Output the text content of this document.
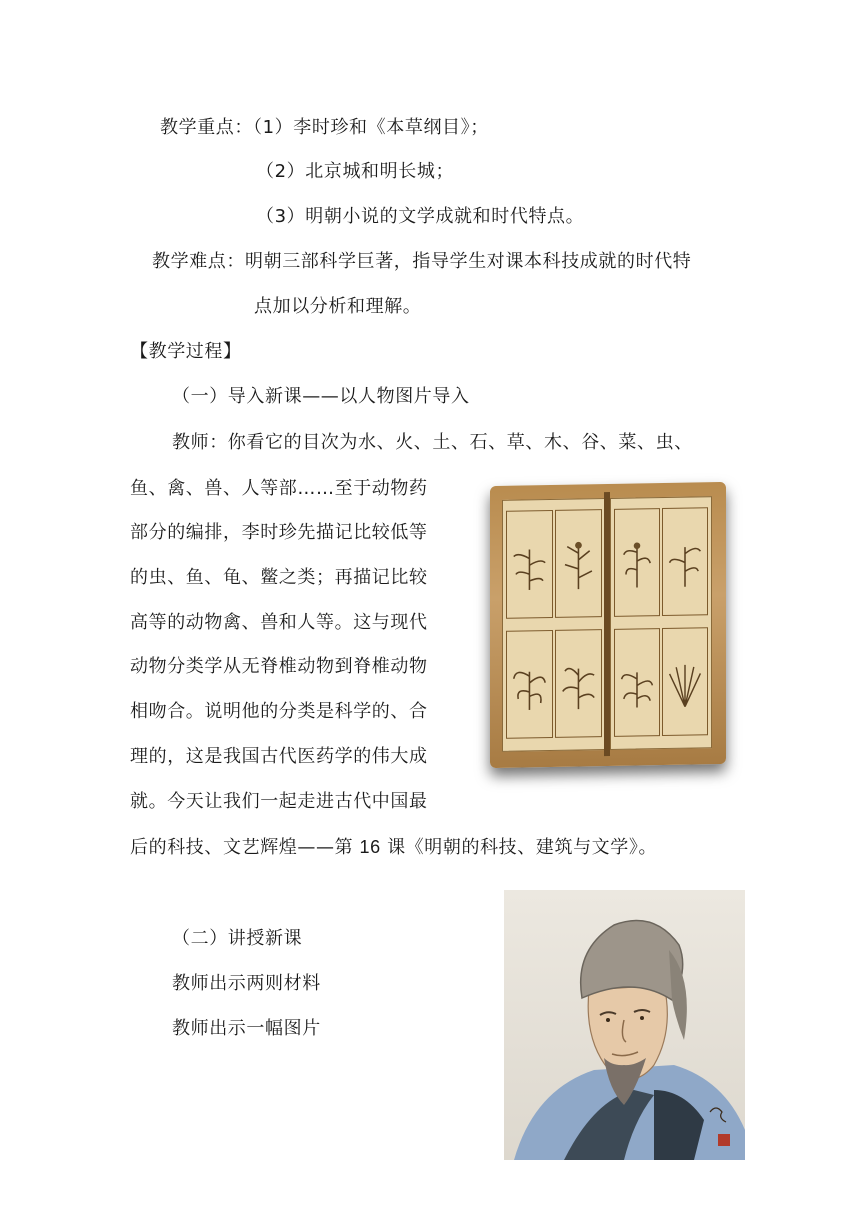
教学重点：（1）李时珍和《本草纲目》；
（2）北京城和明长城；
（3）明朝小说的文学成就和时代特点。
教学难点：明朝三部科学巨著，指导学生对课本科技成就的时代特
点加以分析和理解。
【教学过程】
（一）导入新课——以人物图片导入
教师：你看它的目次为水、火、土、石、草、木、谷、菜、虫、
鱼、禽、兽、人等部……至于动物药
部分的编排，李时珍先描记比较低等
的虫、鱼、龟、鳖之类；再描记比较
高等的动物禽、兽和人等。这与现代
动物分类学从无脊椎动物到脊椎动物
相吻合。说明他的分类是科学的、合
理的，这是我国古代医药学的伟大成
就。今天让我们一起走进古代中国最
后的科技、文艺辉煌——第 16 课《明朝的科技、建筑与文学》。
（二）讲授新课
教师出示两则材料
教师出示一幅图片
